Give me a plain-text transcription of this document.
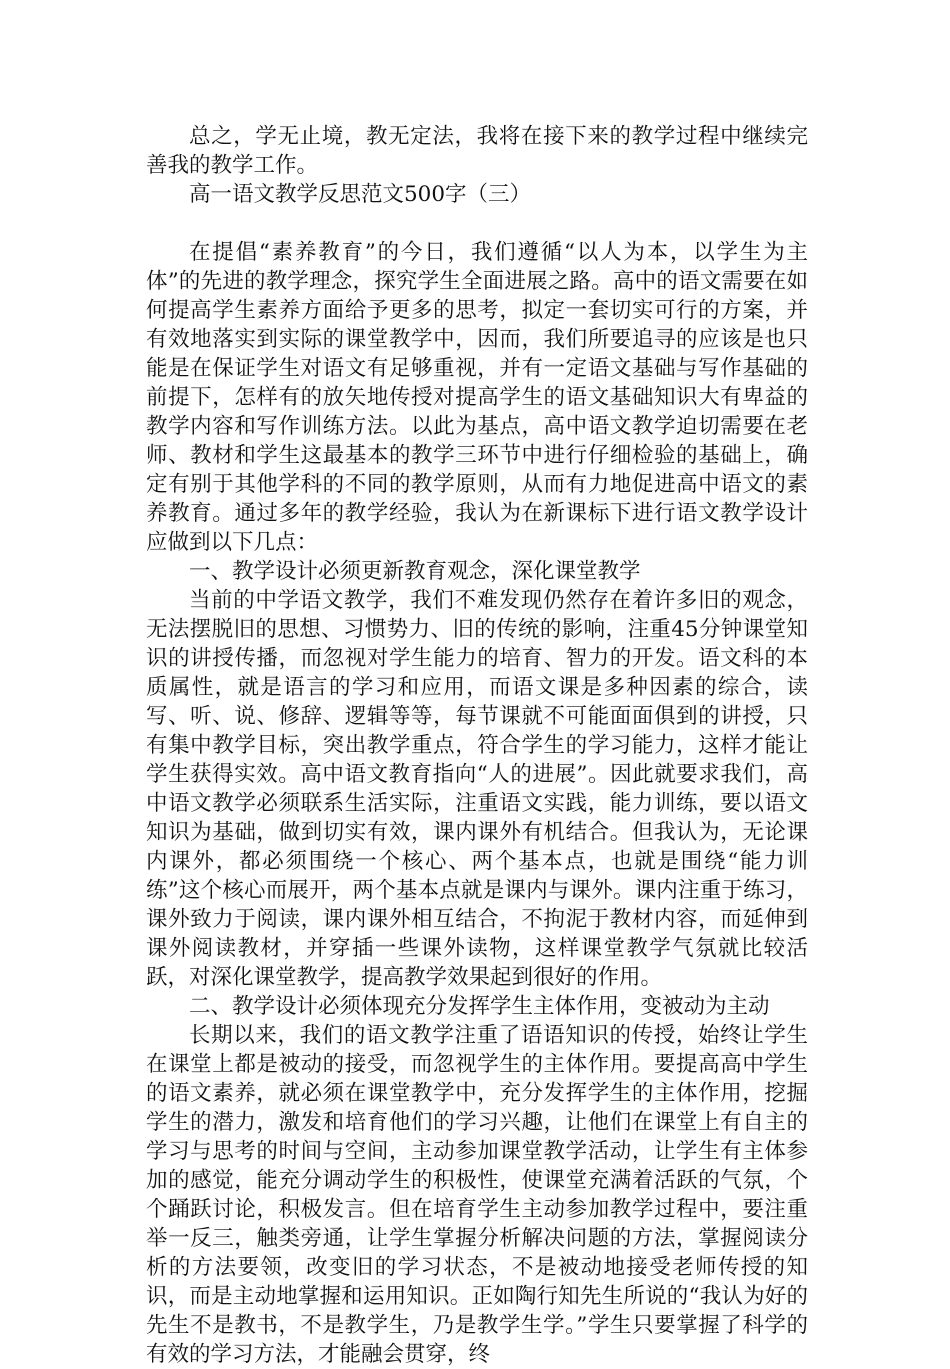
总之，学无止境，教无定法，我将在接下来的教学过程中继续完善我的教学工作。

高一语文教学反思范文500字（三）

在提倡“素养教育”的今日，我们遵循“以人为本，以学生为主体”的先进的教学理念，探究学生全面进展之路。高中的语文需要在如何提高学生素养方面给予更多的思考，拟定一套切实可行的方案，并有效地落实到实际的课堂教学中，因而，我们所要追寻的应该是也只能是在保证学生对语文有足够重视，并有一定语文基础与写作基础的前提下，怎样有的放矢地传授对提高学生的语文基础知识大有卑益的教学内容和写作训练方法。以此为基点，高中语文教学迫切需要在老师、教材和学生这最基本的教学三环节中进行仔细检验的基础上，确定有别于其他学科的不同的教学原则，从而有力地促进高中语文的素养教育。通过多年的教学经验，我认为在新课标下进行语文教学设计应做到以下几点：

一、教学设计必须更新教育观念，深化课堂教学

当前的中学语文教学，我们不难发现仍然存在着许多旧的观念，无法摆脱旧的思想、习惯势力、旧的传统的影响，注重45分钟课堂知识的讲授传播，而忽视对学生能力的培育、智力的开发。语文科的本质属性，就是语言的学习和应用，而语文课是多种因素的综合，读写、听、说、修辞、逻辑等等，每节课就不可能面面俱到的讲授，只有集中教学目标，突出教学重点，符合学生的学习能力，这样才能让学生获得实效。高中语文教育指向“人的进展”。因此就要求我们，高中语文教学必须联系生活实际，注重语文实践，能力训练，要以语文知识为基础，做到切实有效，课内课外有机结合。但我认为，无论课内课外，都必须围绕一个核心、两个基本点，也就是围绕“能力训练”这个核心而展开，两个基本点就是课内与课外。课内注重于练习，课外致力于阅读，课内课外相互结合，不拘泥于教材内容，而延伸到课外阅读教材，并穿插一些课外读物，这样课堂教学气氛就比较活跃，对深化课堂教学，提高教学效果起到很好的作用。

二、教学设计必须体现充分发挥学生主体作用，变被动为主动

长期以来，我们的语文教学注重了语语知识的传授，始终让学生在课堂上都是被动的接受，而忽视学生的主体作用。要提高高中学生的语文素养，就必须在课堂教学中，充分发挥学生的主体作用，挖掘学生的潜力，激发和培育他们的学习兴趣，让他们在课堂上有自主的学习与思考的时间与空间，主动参加课堂教学活动，让学生有主体参加的感觉，能充分调动学生的积极性，使课堂充满着活跃的气氛，个个踊跃讨论，积极发言。但在培育学生主动参加教学过程中，要注重举一反三，触类旁通，让学生掌握分析解决问题的方法，掌握阅读分析的方法要领，改变旧的学习状态，不是被动地接受老师传授的知识，而是主动地掌握和运用知识。正如陶行知先生所说的“我认为好的先生不是教书，不是教学生，乃是教学生学。”学生只要掌握了科学的有效的学习方法，才能融会贯穿，终
